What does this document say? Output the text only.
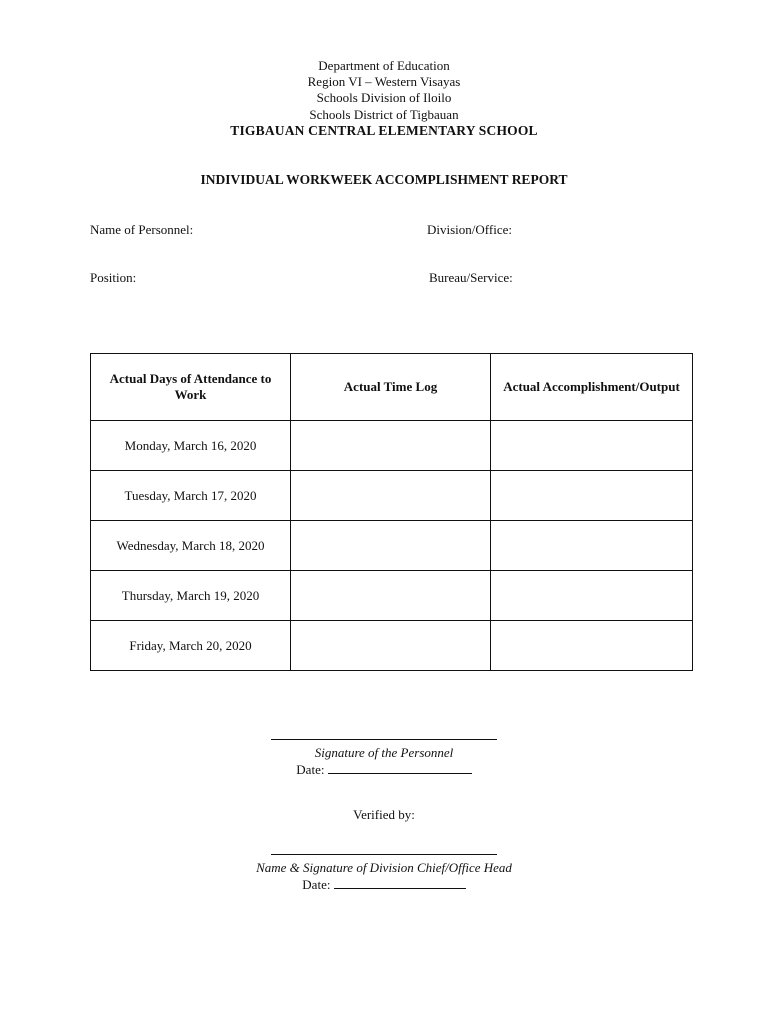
Department of Education
Region VI – Western Visayas
Schools Division of Iloilo
Schools District of Tigbauan
TIGBAUAN CENTRAL ELEMENTARY SCHOOL
INDIVIDUAL WORKWEEK ACCOMPLISHMENT REPORT
Name of Personnel:	Division/Office:
Position:	Bureau/Service:
Actual Days of Attendance to Work	Actual Time Log	Actual Accomplishment/Output
Monday, March 16, 2020		
Tuesday, March 17, 2020		
Wednesday, March 18, 2020		
Thursday, March 19, 2020		
Friday, March 20, 2020		
Signature of the Personnel
Date:
Verified by:
Name & Signature of Division Chief/Office Head
Date:
